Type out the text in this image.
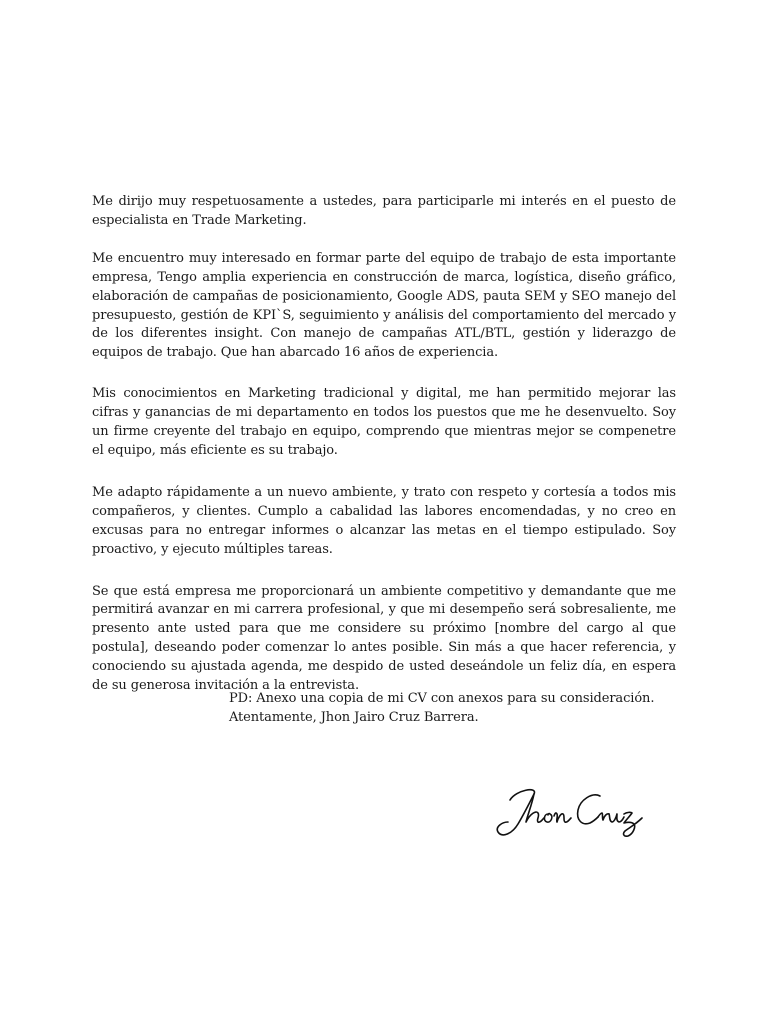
Me dirijo muy respetuosamente a ustedes, para participarle mi interés en el puesto de especialista en Trade Marketing.

Me encuentro muy interesado en formar parte del equipo de trabajo de esta importante empresa, Tengo amplia experiencia en construcción de marca, logística, diseño gráfico, elaboración de campañas de posicionamiento, Google ADS, pauta SEM y SEO manejo del presupuesto, gestión de KPI`S, seguimiento y análisis del comportamiento del mercado y de los diferentes insight. Con manejo de campañas ATL/BTL, gestión y liderazgo de equipos de trabajo. Que han abarcado 16 años de experiencia.

Mis conocimientos en Marketing tradicional y digital, me han permitido mejorar las cifras y ganancias de mi departamento en todos los puestos que me he desenvuelto. Soy un firme creyente del trabajo en equipo, comprendo que mientras mejor se compenetre el equipo, más eficiente es su trabajo.

Me adapto rápidamente a un nuevo ambiente, y trato con respeto y cortesía a todos mis compañeros, y clientes. Cumplo a cabalidad las labores encomendadas, y no creo en excusas para no entregar informes o alcanzar las metas en el tiempo estipulado. Soy proactivo, y ejecuto múltiples tareas.

Se que está empresa me proporcionará un ambiente competitivo y demandante que me permitirá avanzar en mi carrera profesional, y que mi desempeño será sobresaliente, me presento ante usted para que me considere su próximo [nombre del cargo al que postula], deseando poder comenzar lo antes posible. Sin más a que hacer referencia, y conociendo su ajustada agenda, me despido de usted deseándole un feliz día, en espera de su generosa invitación a la entrevista.

PD: Anexo una copia de mi CV con anexos para su consideración.

Atentamente, Jhon Jairo Cruz Barrera.
